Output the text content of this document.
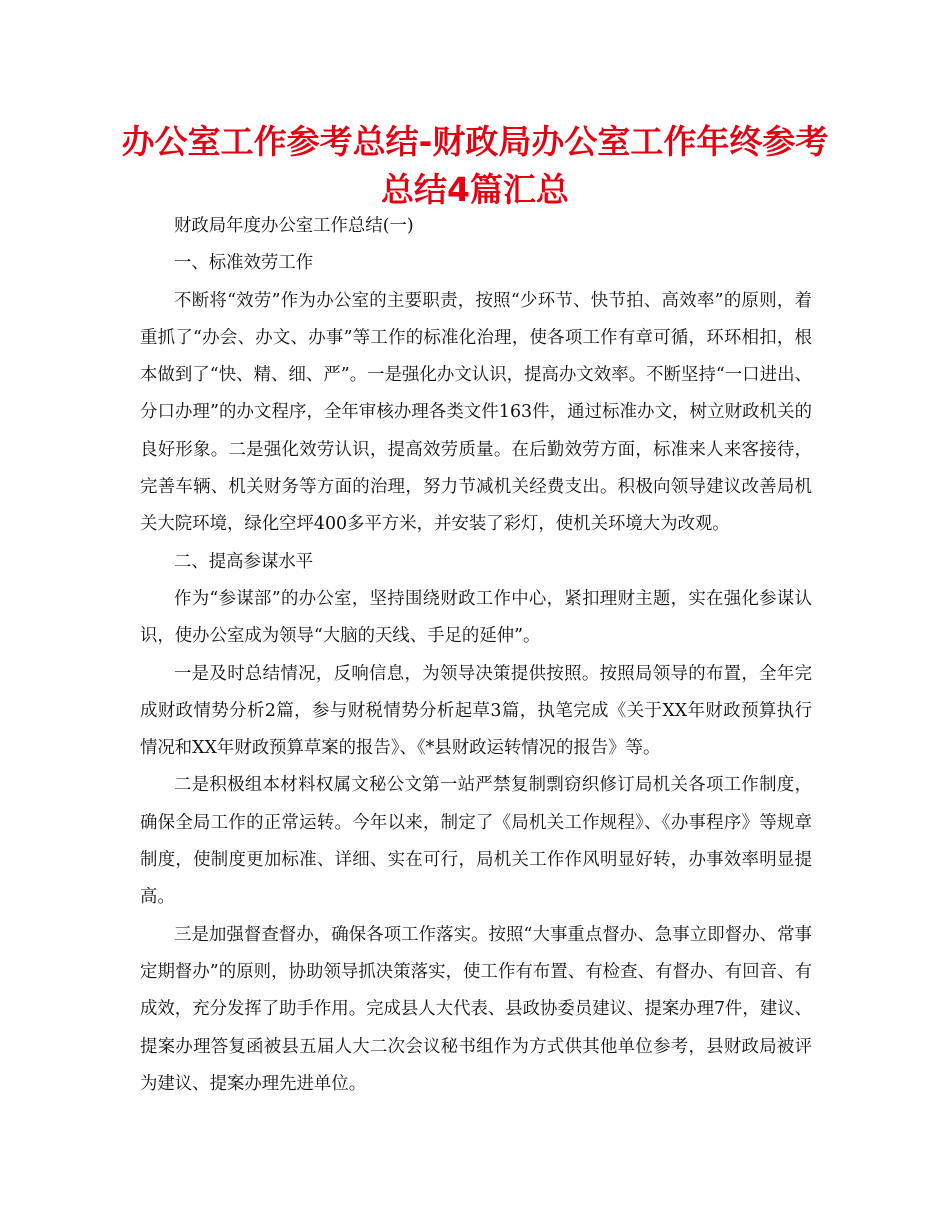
办公室工作参考总结-财政局办公室工作年终参考总结4篇汇总

财政局年度办公室工作总结(一)

一、标准效劳工作

不断将“效劳”作为办公室的主要职责，按照“少环节、快节拍、高效率”的原则，着重抓了“办会、办文、办事”等工作的标准化治理，使各项工作有章可循，环环相扣，根本做到了“快、精、细、严”。一是强化办文认识，提高办文效率。不断坚持“一口进出、分口办理”的办文程序，全年审核办理各类文件163件，通过标准办文，树立财政机关的良好形象。二是强化效劳认识，提高效劳质量。在后勤效劳方面，标准来人来客接待，完善车辆、机关财务等方面的治理，努力节减机关经费支出。积极向领导建议改善局机关大院环境，绿化空坪400多平方米，并安装了彩灯，使机关环境大为改观。

二、提高参谋水平

作为“参谋部”的办公室，坚持围绕财政工作中心，紧扣理财主题，实在强化参谋认识，使办公室成为领导“大脑的天线、手足的延伸”。

一是及时总结情况，反响信息，为领导决策提供按照。按照局领导的布置，全年完成财政情势分析2篇，参与财税情势分析起草3篇，执笔完成《关于XX年财政预算执行情况和XX年财政预算草案的报告》、《*县财政运转情况的报告》等。

二是积极组本材料权属文秘公文第一站严禁复制剽窃织修订局机关各项工作制度，确保全局工作的正常运转。今年以来，制定了《局机关工作规程》、《办事程序》等规章制度，使制度更加标准、详细、实在可行，局机关工作作风明显好转，办事效率明显提高。

三是加强督查督办，确保各项工作落实。按照“大事重点督办、急事立即督办、常事定期督办”的原则，协助领导抓决策落实，使工作有布置、有检查、有督办、有回音、有成效，充分发挥了助手作用。完成县人大代表、县政协委员建议、提案办理7件，建议、提案办理答复函被县五届人大二次会议秘书组作为方式供其他单位参考，县财政局被评为建议、提案办理先进单位。
